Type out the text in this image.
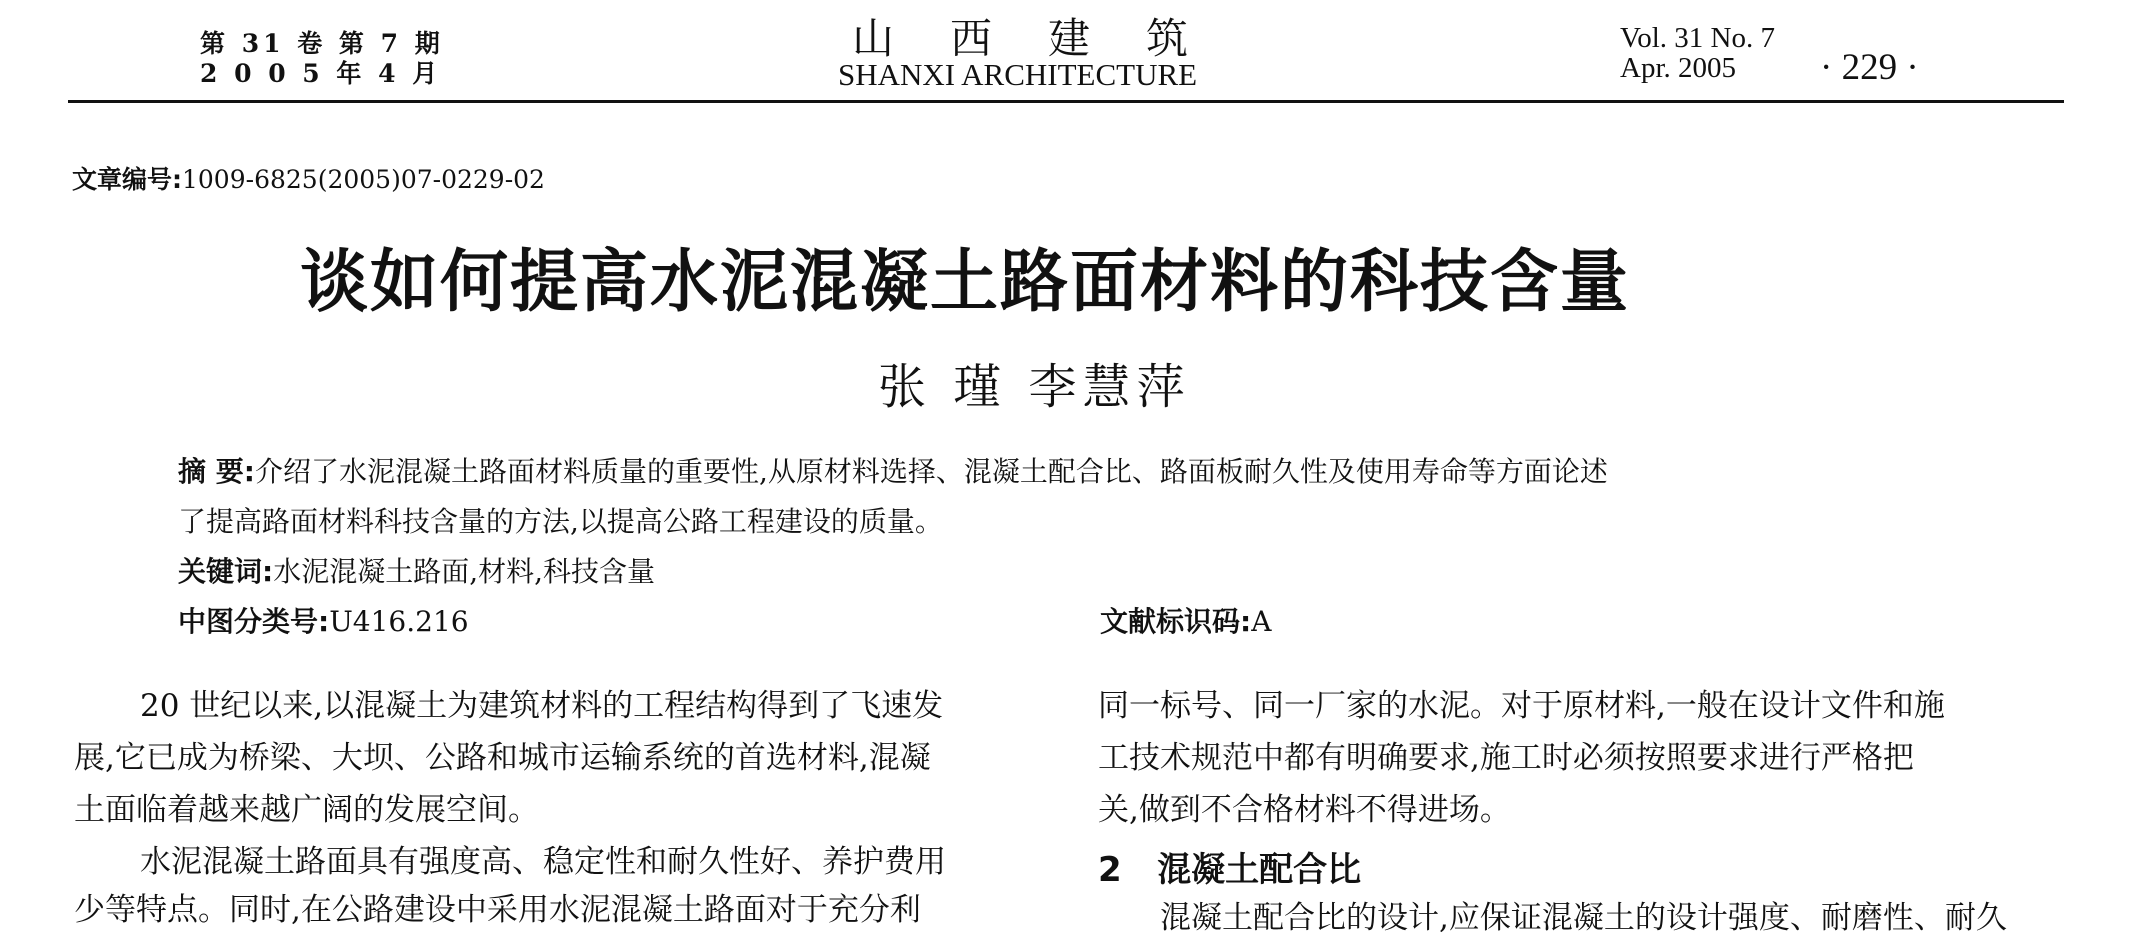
第 31 卷 第 7 期
2 0 0 5 年 4 月
山西建筑
SHANXI ARCHITECTURE
Vol. 31 No. 7
Apr. 2005 · 229 ·
文章编号:1009-6825(2005)07-0229-02
谈如何提高水泥混凝土路面材料的科技含量
张 瑾 李慧萍
摘 要:介绍了水泥混凝土路面材料质量的重要性,从原材料选择、混凝土配合比、路面板耐久性及使用寿命等方面论述
了提高路面材料科技含量的方法,以提高公路工程建设的质量。
关键词:水泥混凝土路面,材料,科技含量
中图分类号:U416.216	文献标识码:A
20 世纪以来,以混凝土为建筑材料的工程结构得到了飞速发
展,它已成为桥梁、大坝、公路和城市运输系统的首选材料,混凝
土面临着越来越广阔的发展空间。
水泥混凝土路面具有强度高、稳定性和耐久性好、养护费用
少等特点。同时,在公路建设中采用水泥混凝土路面对于充分利
同一标号、同一厂家的水泥。对于原材料,一般在设计文件和施
工技术规范中都有明确要求,施工时必须按照要求进行严格把
关,做到不合格材料不得进场。
2 混凝土配合比
混凝土配合比的设计,应保证混凝土的设计强度、耐磨性、耐久
